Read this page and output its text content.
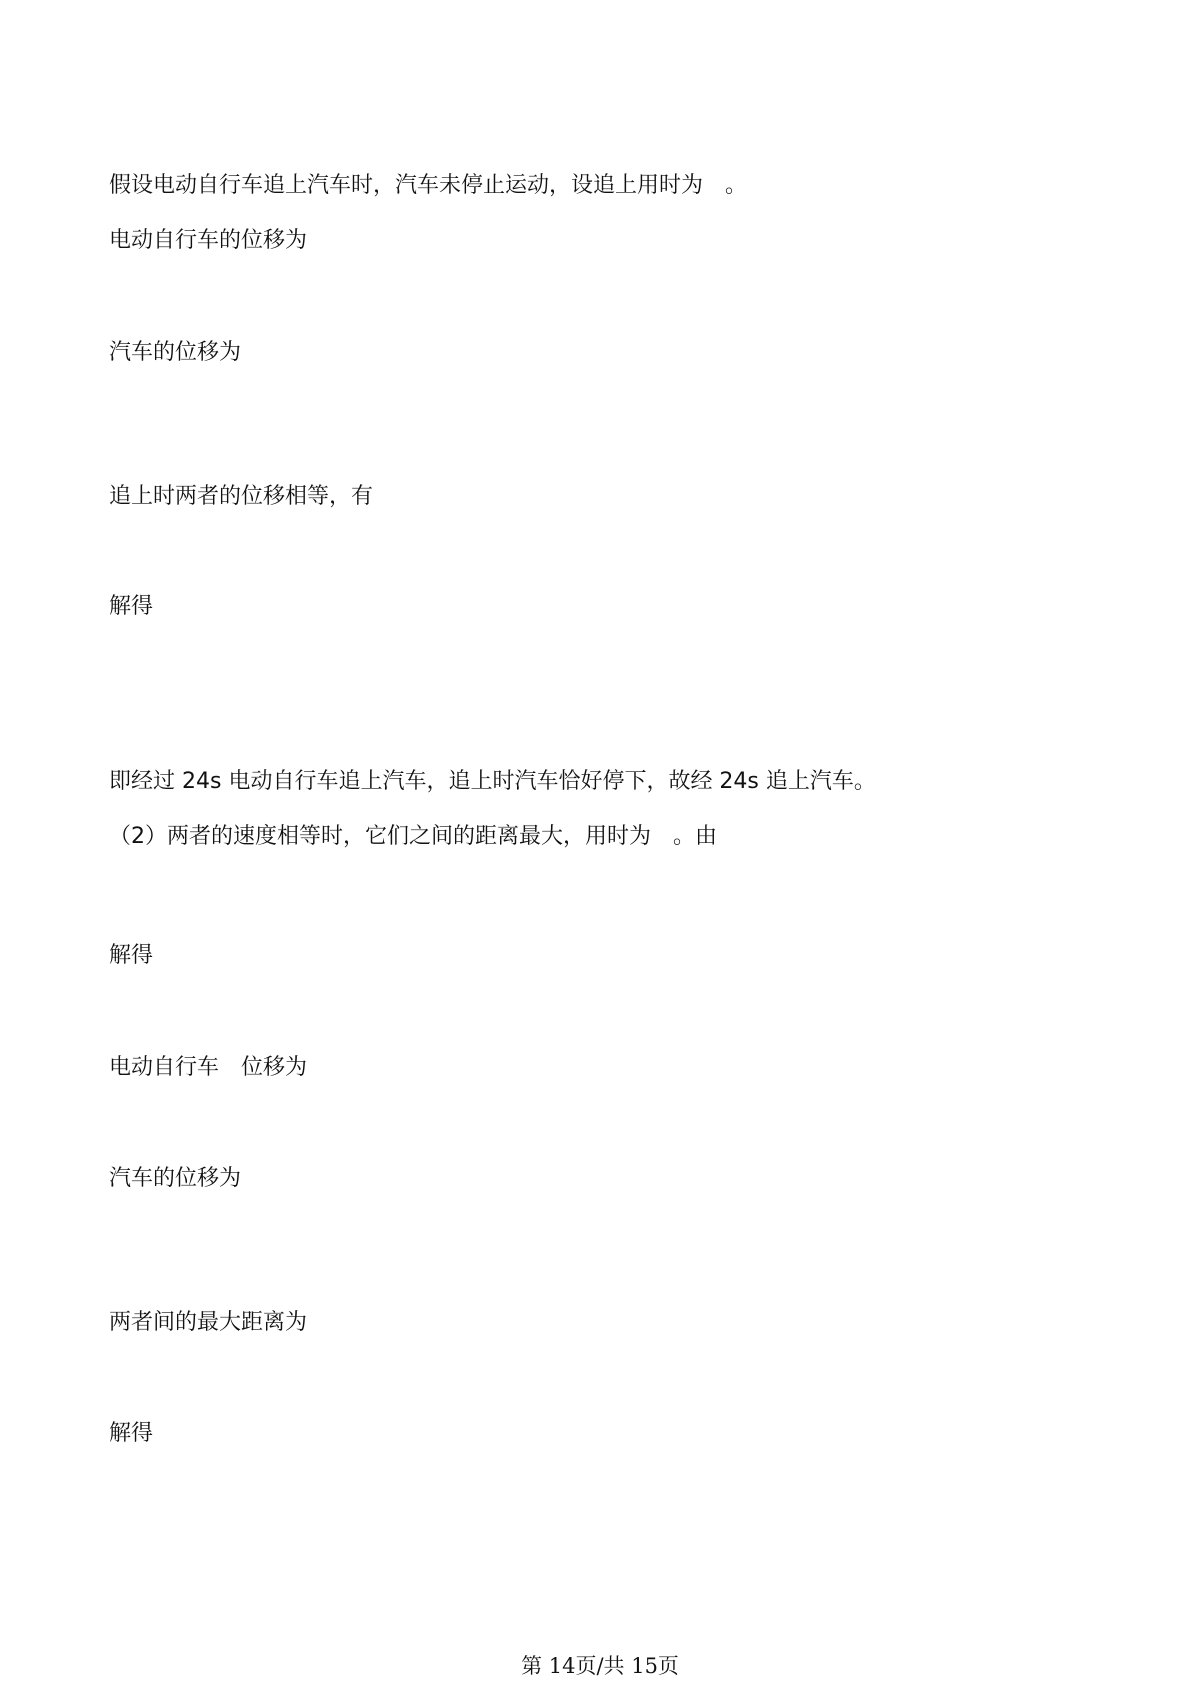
假设电动自行车追上汽车时，汽车未停止运动，设追上用时为　。
电动自行车的位移为
汽车的位移为
追上时两者的位移相等，有
解得
即经过 24s 电动自行车追上汽车，追上时汽车恰好停下，故经 24s 追上汽车。
（2）两者的速度相等时，它们之间的距离最大，用时为　。由
解得
电动自行车　位移为
汽车的位移为
两者间的最大距离为
解得
第 14页/共 15页
